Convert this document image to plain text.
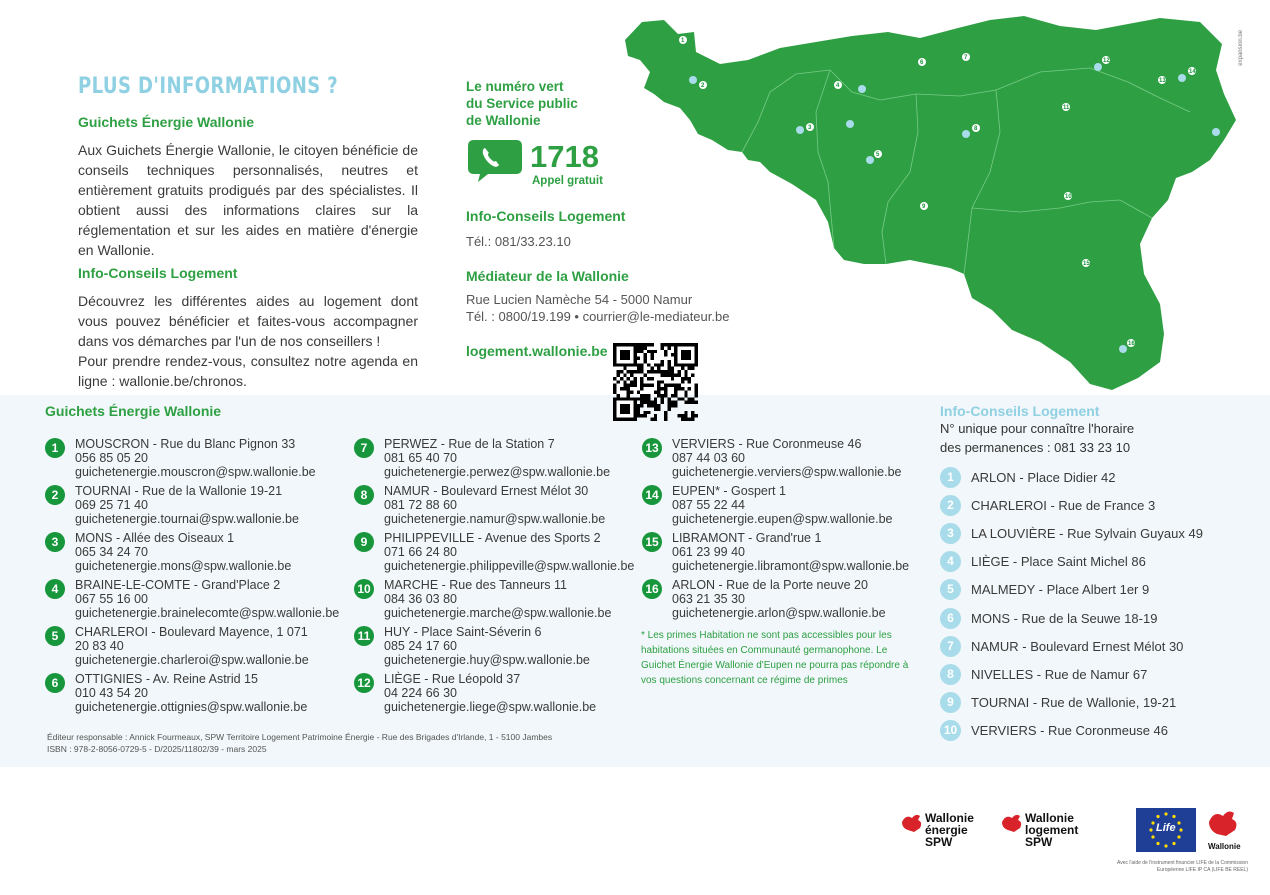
PLUS D'INFORMATIONS ?
Guichets Énergie Wallonie
Aux Guichets Énergie Wallonie, le citoyen bénéficie de conseils techniques personnalisés, neutres et entièrement gratuits prodigués par des spécialistes. Il obtient aussi des informations claires sur la réglementation et sur les aides en matière d'énergie en Wallonie.
Info-Conseils Logement
Découvrez les différentes aides au logement dont vous pouvez bénéficier et faites-vous accompagner dans vos démarches par l'un de nos conseillers !
Pour prendre rendez-vous, consultez notre agenda en ligne : wallonie.be/chronos.
Le numéro vert
du Service public
de Wallonie
1718
Appel gratuit
Info-Conseils Logement
Tél.: 081/33.23.10
Médiateur de la Wallonie
Rue Lucien Namèche 54 - 5000 Namur
Tél. : 0800/19.199 • courrier@le-mediateur.be
logement.wallonie.be
1
2
3
4
5
6
7
8
9
10
11
12
13
14
15
16
expansion.be
Guichets Énergie Wallonie
1	MOUSCRON - Rue du Blanc Pignon 33
056 85 05 20
guichetenergie.mouscron@spw.wallonie.be
2	TOURNAI - Rue de la Wallonie 19-21
069 25 71 40
guichetenergie.tournai@spw.wallonie.be
3	MONS - Allée des Oiseaux 1
065 34 24 70
guichetenergie.mons@spw.wallonie.be
4	BRAINE-LE-COMTE - Grand'Place 2
067 55 16 00
guichetenergie.brainelecomte@spw.wallonie.be
5	CHARLEROI - Boulevard Mayence, 1 071
20 83 40
guichetenergie.charleroi@spw.wallonie.be
6	OTTIGNIES - Av. Reine Astrid 15
010 43 54 20
guichetenergie.ottignies@spw.wallonie.be
7	PERWEZ - Rue de la Station 7
081 65 40 70
guichetenergie.perwez@spw.wallonie.be
8	NAMUR - Boulevard Ernest Mélot 30
081 72 88 60
guichetenergie.namur@spw.wallonie.be
9	PHILIPPEVILLE - Avenue des Sports 2
071 66 24 80
guichetenergie.philippeville@spw.wallonie.be
10 MARCHE - Rue des Tanneurs 11
084 36 03 80
guichetenergie.marche@spw.wallonie.be
11 HUY - Place Saint-Séverin 6
085 24 17 60
guichetenergie.huy@spw.wallonie.be
12 LIÈGE - Rue Léopold 37
04 224 66 30
guichetenergie.liege@spw.wallonie.be
13 VERVIERS - Rue Coronmeuse 46
087 44 03 60
guichetenergie.verviers@spw.wallonie.be
14 EUPEN* - Gospert 1
087 55 22 44
guichetenergie.eupen@spw.wallonie.be
15 LIBRAMONT - Grand'rue 1
061 23 99 40
guichetenergie.libramont@spw.wallonie.be
16 ARLON - Rue de la Porte neuve 20
063 21 35 30
guichetenergie.arlon@spw.wallonie.be
* Les primes Habitation ne sont pas accessibles pour les habitations situées en Communauté germanophone. Le Guichet Énergie Wallonie d'Eupen ne pourra pas répondre à vos questions concernant ce régime de primes
Éditeur responsable : Annick Fourmeaux, SPW Territoire Logement Patrimoine Énergie - Rue des Brigades d'Irlande, 1 - 5100 Jambes
ISBN : 978-2-8056-0729-5 - D/2025/11802/39 - mars 2025
Info-Conseils Logement
N° unique pour connaître l'horaire
des permanences : 081 33 23 10
1	ARLON - Place Didier 42
2	CHARLEROI - Rue de France 3
3	LA LOUVIÈRE - Rue Sylvain Guyaux 49
4	LIÈGE - Place Saint Michel 86
5	MALMEDY - Place Albert 1er 9
6	MONS - Rue de la Seuwe 18-19
7	NAMUR - Boulevard Ernest Mélot 30
8	NIVELLES - Rue de Namur 67
9	TOURNAI - Rue de Wallonie, 19-21
10 VERVIERS - Rue Coronmeuse 46
Wallonie
énergie
SPW
Wallonie
logement
SPW
Life
Wallonie
Avec l'aide de l'instrument financier LIFE de la Commission Européenne LIFE IP CA (LIFE BE REEL)
